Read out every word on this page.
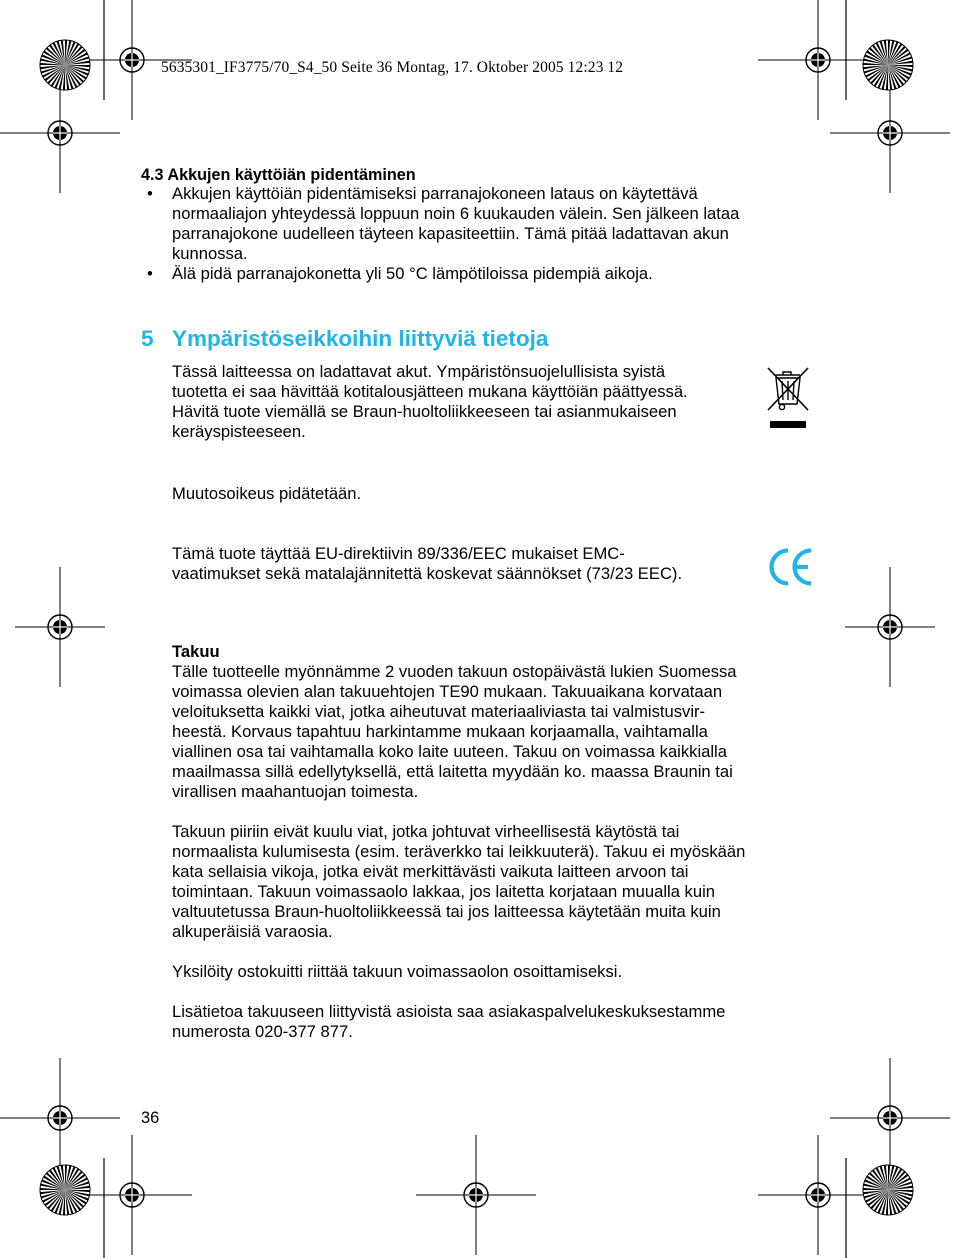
5635301_IF3775/70_S4_50 Seite 36 Montag, 17. Oktober 2005 12:23 12
4.3 Akkujen käyttöiän pidentäminen
• Akkujen käyttöiän pidentämiseksi parranajokoneen lataus on käytettävä
normaaliajon yhteydessä loppuun noin 6 kuukauden välein. Sen jälkeen lataa
parranajokone uudelleen täyteen kapasiteettiin. Tämä pitää ladattavan akun
kunnossa.
• Älä pidä parranajokonetta yli 50 °C lämpötiloissa pidempiä aikoja.
5 Ympäristöseikkoihin liittyviä tietoja

Tässä laitteessa on ladattavat akut. Ympäristönsuojelullisista syistä

tuotetta ei saa hävittää kotitalousjätteen mukana käyttöiän päättyessä.

Hävitä tuote viemällä se Braun-huoltoliikkeeseen tai asianmukaiseen

keräyspisteeseen.

Muutosoikeus pidätetään.

Tämä tuote täyttää EU-direktiivin 89/336/EEC mukaiset EMC-

vaatimukset sekä matalajännitettä koskevat säännökset (73/23 EEC).

Takuu

Tälle tuotteelle myönnämme 2 vuoden takuun ostopäivästä lukien Suomessa

voimassa olevien alan takuuehtojen TE90 mukaan. Takuuaikana korvataan

veloituksetta kaikki viat, jotka aiheutuvat materiaaliviasta tai valmistusvir-

heestä. Korvaus tapahtuu harkintamme mukaan korjaamalla, vaihtamalla

viallinen osa tai vaihtamalla koko laite uuteen. Takuu on voimassa kaikkialla

maailmassa sillä edellytyksellä, että laitetta myydään ko. maassa Braunin tai

virallisen maahantuojan toimesta.

Takuun piiriin eivät kuulu viat, jotka johtuvat virheellisestä käytöstä tai

normaalista kulumisesta (esim. teräverkko tai leikkuuterä). Takuu ei myöskään

kata sellaisia vikoja, jotka eivät merkittävästi vaikuta laitteen arvoon tai

toimintaan. Takuun voimassaolo lakkaa, jos laitetta korjataan muualla kuin

valtuutetussa Braun-huoltoliikkeessä tai jos laitteessa käytetään muita kuin

alkuperäisiä varaosia.

Yksilöity ostokuitti riittää takuun voimassaolon osoittamiseksi.

Lisätietoa takuuseen liittyvistä asioista saa asiakaspalvelukeskuksestamme

numerosta 020-377 877.

36
